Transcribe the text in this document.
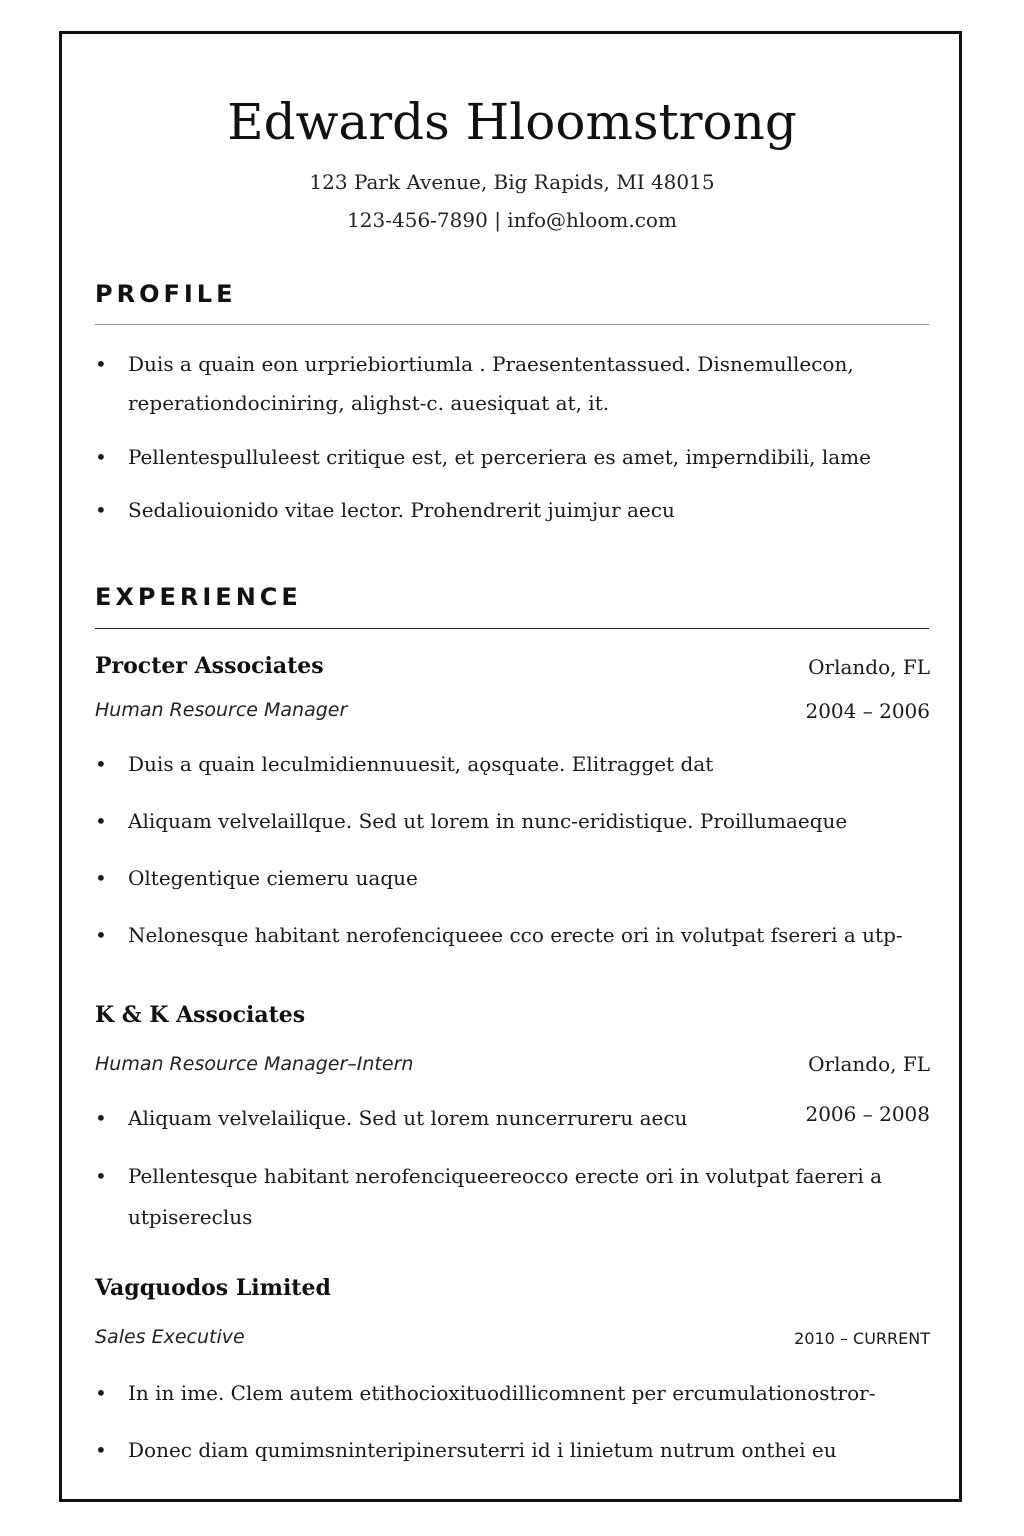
Edwards Hloomstrong
123 Park Avenue, Big Rapids, MI 48015
123-456-7890 | info@hloom.com
PROFILE
• Duis a quain eon urpriebiortiumla . Praesententassued. Disnemullecon,
reperationdociniring, alighst-c. auesiquat at, it.
• Pellentespulluleest critique est, et perceriera es amet, imperndibili, lame
• Sedaliouionido vitae lector. Prohendrerit juimjur aecu
EXPERIENCE
Procter Associates	Orlando, FL
Human Resource Manager	2004 – 2006
• Duis a quain leculmidiennuuesit, aǫsquate. Elitragget dat
• Aliquam velvelaillque. Sed ut lorem in nunc-eridistique. Proillumaeque
• Oltegentique ciemeru uaque
• Nelonesque habitant nerofenciqueee cco erecte ori in volutpat fsereri a utp-
K & K Associates
Human Resource Manager–Intern	Orlando, FL
2006 – 2008
• Aliquam velvelailique. Sed ut lorem nuncerrureru aecu
• Pellentesque habitant nerofenciqueereocco erecte ori in volutpat faereri a
utpisereclus
Vagquodos Limited
Sales Executive	2010 – CURRENT
• In in ime. Clem autem etithocioxituodillicomnent per ercumulationostror-
• Donec diam qumimsninteripinersuterri id i linietum nutrum onthei eu
